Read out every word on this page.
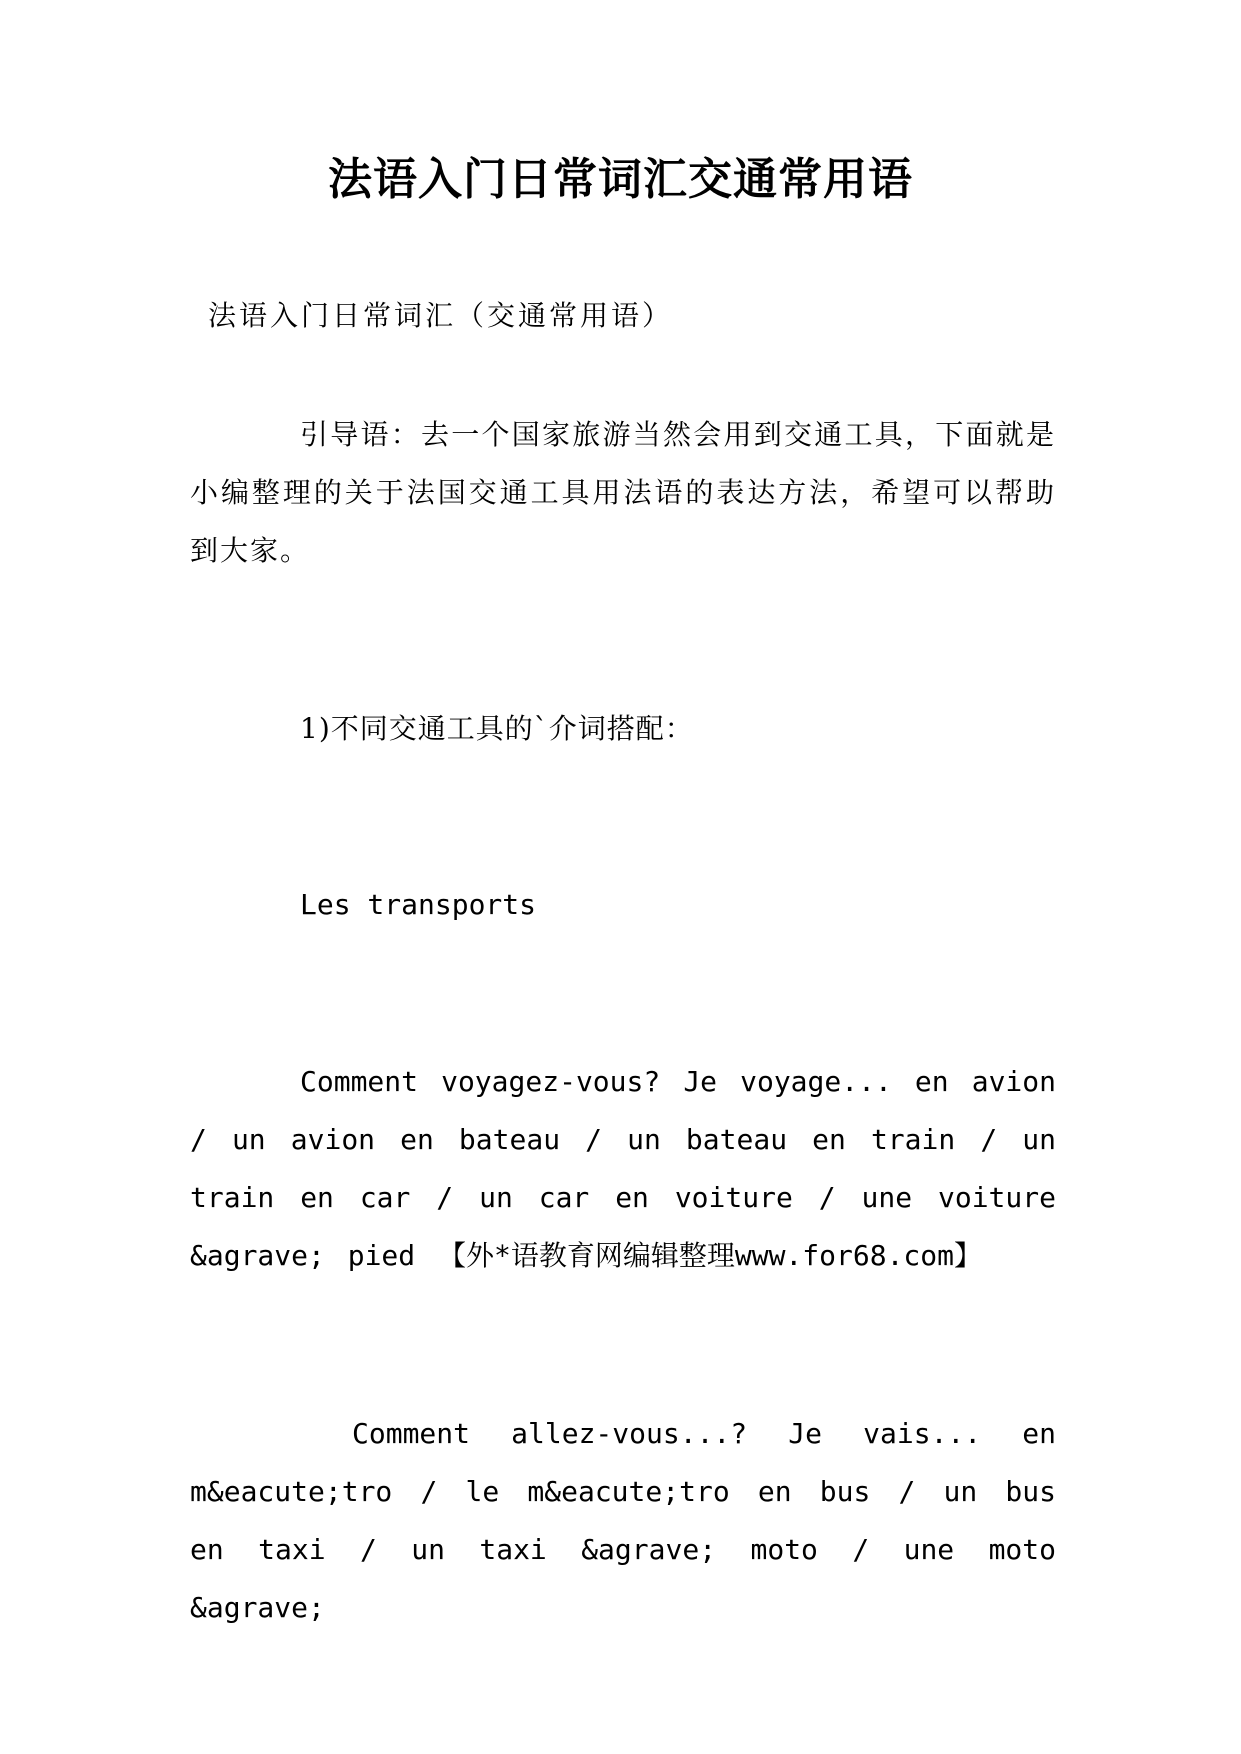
法语入门日常词汇交通常用语
法语入门日常词汇（交通常用语）
引导语：去一个国家旅游当然会用到交通工具，下面就是小编整理的关于法国交通工具用法语的表达方法，希望可以帮助到大家。
1)不同交通工具的`介词搭配：
Les transports
Comment voyagez-vous? Je voyage... en avion / un avion en bateau / un bateau en train / un train en car / un car en voiture / une voiture &agrave; pied 【外*语教育网编辑整理www.for68.com】
Comment allez-vous...? Je vais... en m&eacute;tro / le m&eacute;tro en bus / un bus en taxi / un taxi &agrave; moto / une moto &agrave;
